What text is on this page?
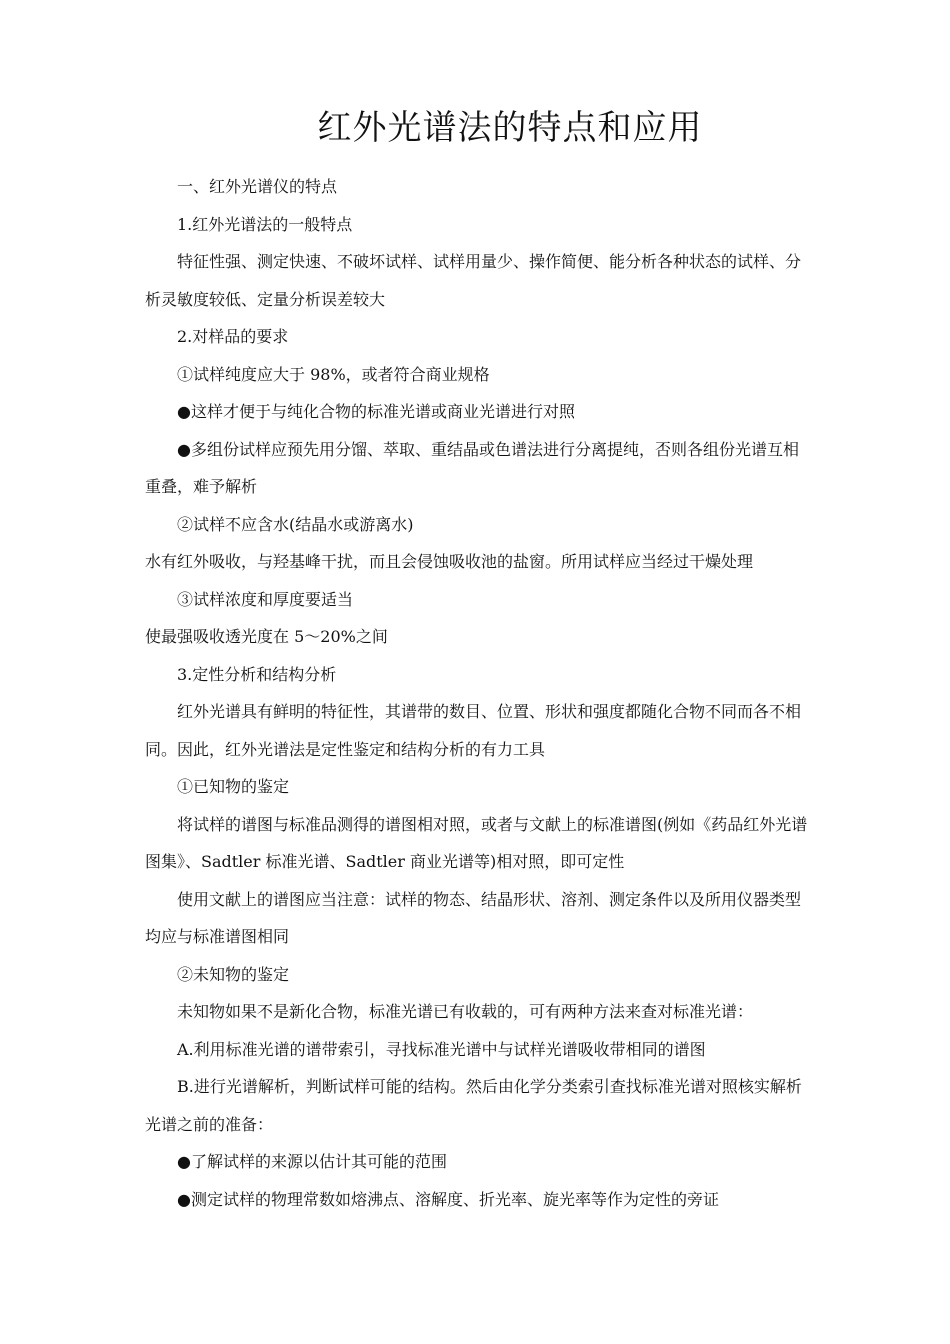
红外光谱法的特点和应用

一、红外光谱仪的特点

1.红外光谱法的一般特点

特征性强、测定快速、不破坏试样、试样用量少、操作简便、能分析各种状态的试样、分析灵敏度较低、定量分析误差较大

2.对样品的要求

①试样纯度应大于 98%，或者符合商业规格

●这样才便于与纯化合物的标准光谱或商业光谱进行对照

●多组份试样应预先用分馏、萃取、重结晶或色谱法进行分离提纯，否则各组份光谱互相重叠，难予解析

②试样不应含水(结晶水或游离水)

水有红外吸收，与羟基峰干扰，而且会侵蚀吸收池的盐窗。所用试样应当经过干燥处理

③试样浓度和厚度要适当

使最强吸收透光度在 5～20%之间

3.定性分析和结构分析

红外光谱具有鲜明的特征性，其谱带的数目、位置、形状和强度都随化合物不同而各不相同。因此，红外光谱法是定性鉴定和结构分析的有力工具

①已知物的鉴定

将试样的谱图与标准品测得的谱图相对照，或者与文献上的标准谱图(例如《药品红外光谱图集》、Sadtler 标准光谱、Sadtler 商业光谱等)相对照，即可定性

使用文献上的谱图应当注意：试样的物态、结晶形状、溶剂、测定条件以及所用仪器类型均应与标准谱图相同

②未知物的鉴定

未知物如果不是新化合物，标准光谱已有收载的，可有两种方法来查对标准光谱：

A.利用标准光谱的谱带索引，寻找标准光谱中与试样光谱吸收带相同的谱图

B.进行光谱解析，判断试样可能的结构。然后由化学分类索引查找标准光谱对照核实解析光谱之前的准备：

●了解试样的来源以估计其可能的范围

●测定试样的物理常数如熔沸点、溶解度、折光率、旋光率等作为定性的旁证
